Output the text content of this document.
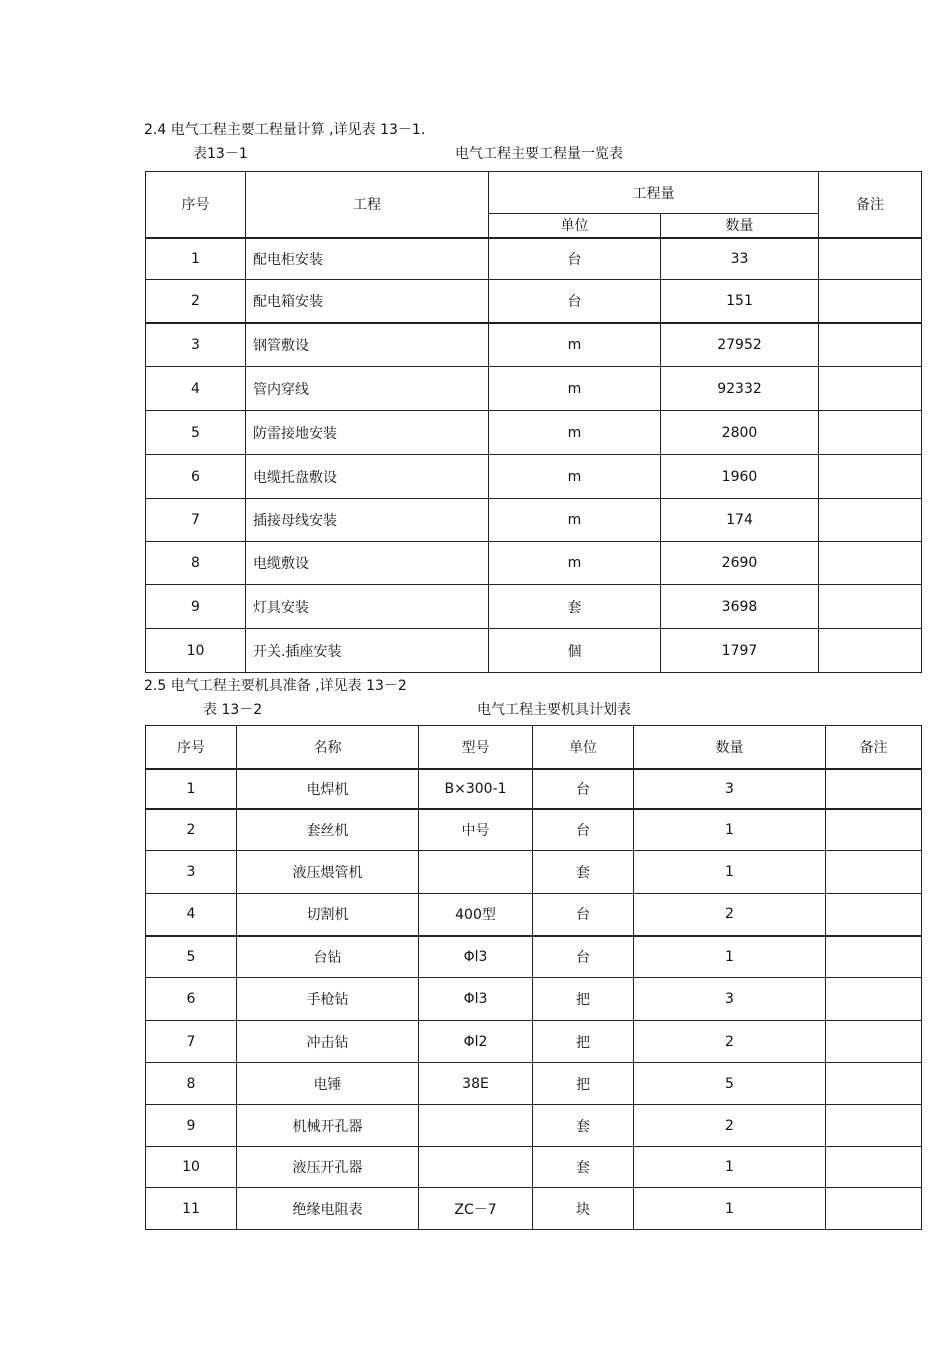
2.4 电气工程主要工程量计算 ,详见表 13－1.
表13－1	电气工程主要工程量一览表
序号	工程	工程量		备注
		单位	数量	
1	配电柜安装	台	33	
2	配电箱安装	台	151	
3	钢管敷设	m	27952	
4	管内穿线	m	92332	
5	防雷接地安装	m	2800	
6	电缆托盘敷设	m	1960	
7	插接母线安装	m	174	
8	电缆敷设	m	2690	
9	灯具安装	套	3698	
10	开关.插座安装	個	1797	
2.5 电气工程主要机具准备 ,详见表 13－2
表 13－2	电气工程主要机具计划表
序号	名称	型号	单位	数量	备注
1	电焊机	B×300-1	台	3	
2	套丝机	中号	台	1	
3	液压煨管机		套	1	
4	切割机	400型	台	2	
5	台钻	Φl3	台	1	
6	手枪钻	Φl3	把	3	
7	冲击钻	Φl2	把	2	
8	电锤	38E	把	5	
9	机械开孔器		套	2	
10	液压开孔器		套	1	
11	绝缘电阻表	ZC－7	块	1	
